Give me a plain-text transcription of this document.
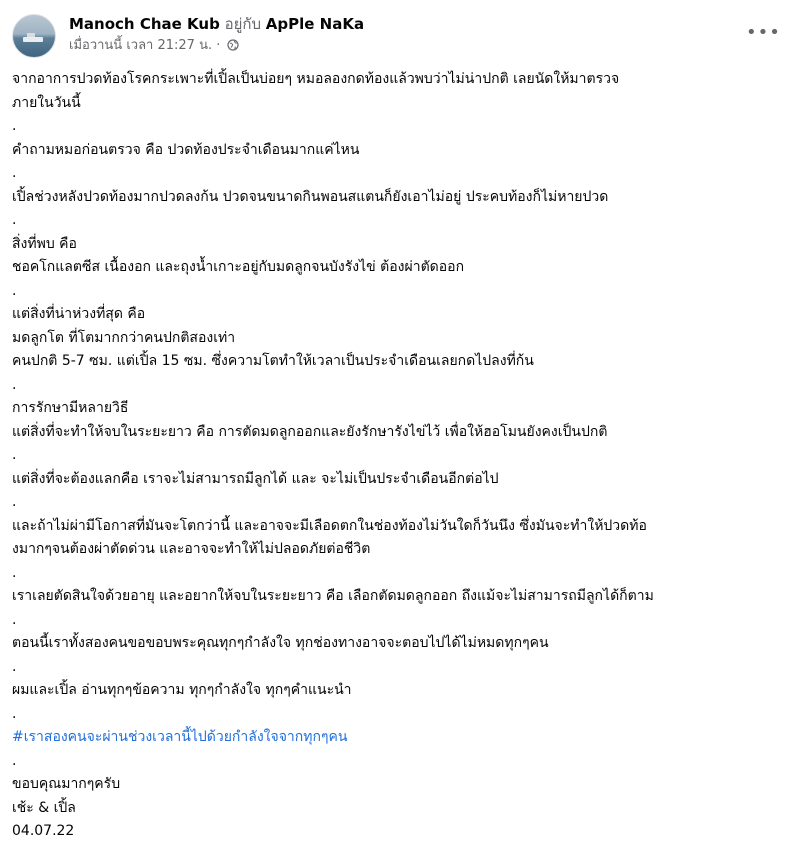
Manoch Chae Kub อยู่กับ ApPle NaKa
เมื่อวานนี้ เวลา 21:27 น. ·
•••

จากอาการปวดท้องโรคกระเพาะที่เปิ้ลเป็นบ่อยๆ หมอลองกดท้องแล้วพบว่าไม่น่าปกติ เลยนัดให้มาตรวจ

ภายในวันนี้

.

คำถามหมอก่อนตรวจ คือ ปวดท้องประจำเดือนมากแค่ไหน

.

เปิ้ลช่วงหลังปวดท้องมากปวดลงก้น ปวดจนขนาดกินพอนสแตนก็ยังเอาไม่อยู่ ประคบท้องก็ไม่หายปวด

.

สิ่งที่พบ คือ

ชอคโกแลตซีส เนื้องอก และถุงน้ำเกาะอยู่กับมดลูกจนบังรังไข่ ต้องผ่าตัดออก

.

แต่สิ่งที่น่าห่วงที่สุด คือ

มดลูกโต ที่โตมากกว่าคนปกติสองเท่า

คนปกติ 5-7 ซม. แต่เปิ้ล 15 ซม. ซึ่งความโตทำให้เวลาเป็นประจำเดือนเลยกดไปลงที่ก้น

.

การรักษามีหลายวิธี

แต่สิ่งที่จะทำให้จบในระยะยาว คือ การตัดมดลูกออกและยังรักษารังไข่ไว้ เพื่อให้ฮอโมนยังคงเป็นปกติ

.

แต่สิ่งที่จะต้องแลกคือ เราจะไม่สามารถมีลูกได้ และ จะไม่เป็นประจำเดือนอีกต่อไป

.

และถ้าไม่ผ่ามีโอกาสที่มันจะโตกว่านี้ และอาจจะมีเลือดตกในช่องท้องไม่วันใดก็วันนึง ซึ่งมันจะทำให้ปวดท้อ

งมากๆจนต้องผ่าตัดด่วน และอาจจะทำให้ไม่ปลอดภัยต่อชีวิต

.

เราเลยตัดสินใจด้วยอายุ และอยากให้จบในระยะยาว คือ เลือกตัดมดลูกออก ถึงแม้จะไม่สามารถมีลูกได้ก็ตาม

.

ตอนนี้เราทั้งสองคนขอขอบพระคุณทุกๆกำลังใจ ทุกช่องทางอาจจะตอบไปได้ไม่หมดทุกๆคน

.

ผมและเปิ้ล อ่านทุกๆข้อความ ทุกๆกำลังใจ ทุกๆคำแนะนำ

.

#เราสองคนจะผ่านช่วงเวลานี้ไปด้วยกำลังใจจากทุกๆคน

.

ขอบคุณมากๆครับ

เช้ะ & เปิ้ล

04.07.22
